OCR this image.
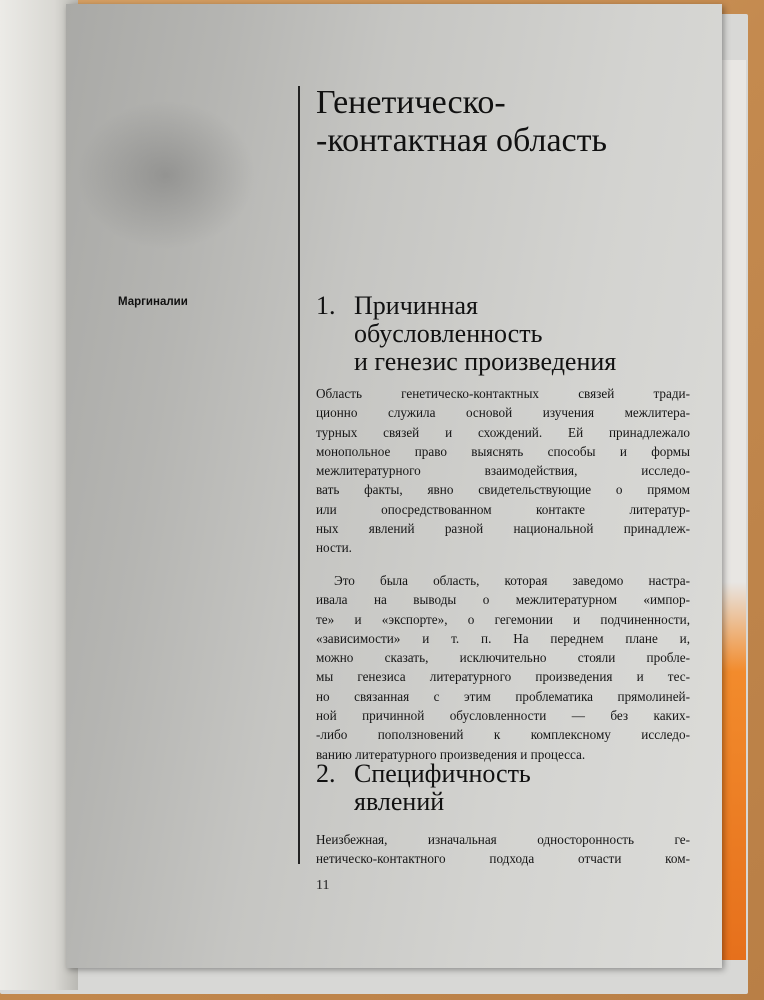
Генетическо-
-контактная область
Маргиналии	1. Причинная
обусловленность
и генезис произведения
Область генетическо-контактных связей тради-
ционно служила основой изучения межлитера-
турных связей и схождений. Ей принадлежало
монопольное право выяснять способы и формы
межлитературного взаимодействия, исследо-
вать факты, явно свидетельствующие о прямом
или опосредствованном контакте литератур-
ных явлений разной национальной принадлеж-
ности.
Это была область, которая заведомо настра-
ивала на выводы о межлитературном «импор-
те» и «экспорте», о гегемонии и подчиненности,
«зависимости» и т. п. На переднем плане и,
можно сказать, исключительно стояли пробле-
мы генезиса литературного произведения и тес-
но связанная с этим проблематика прямолиней-
ной причинной обусловленности — без каких-
-либо поползновений к комплексному исследо-
ванию литературного произведения и процесса.
2. Специфичность
явлений
Неизбежная, изначальная односторонность ге-
нетическо-контактного подхода отчасти ком-
11
